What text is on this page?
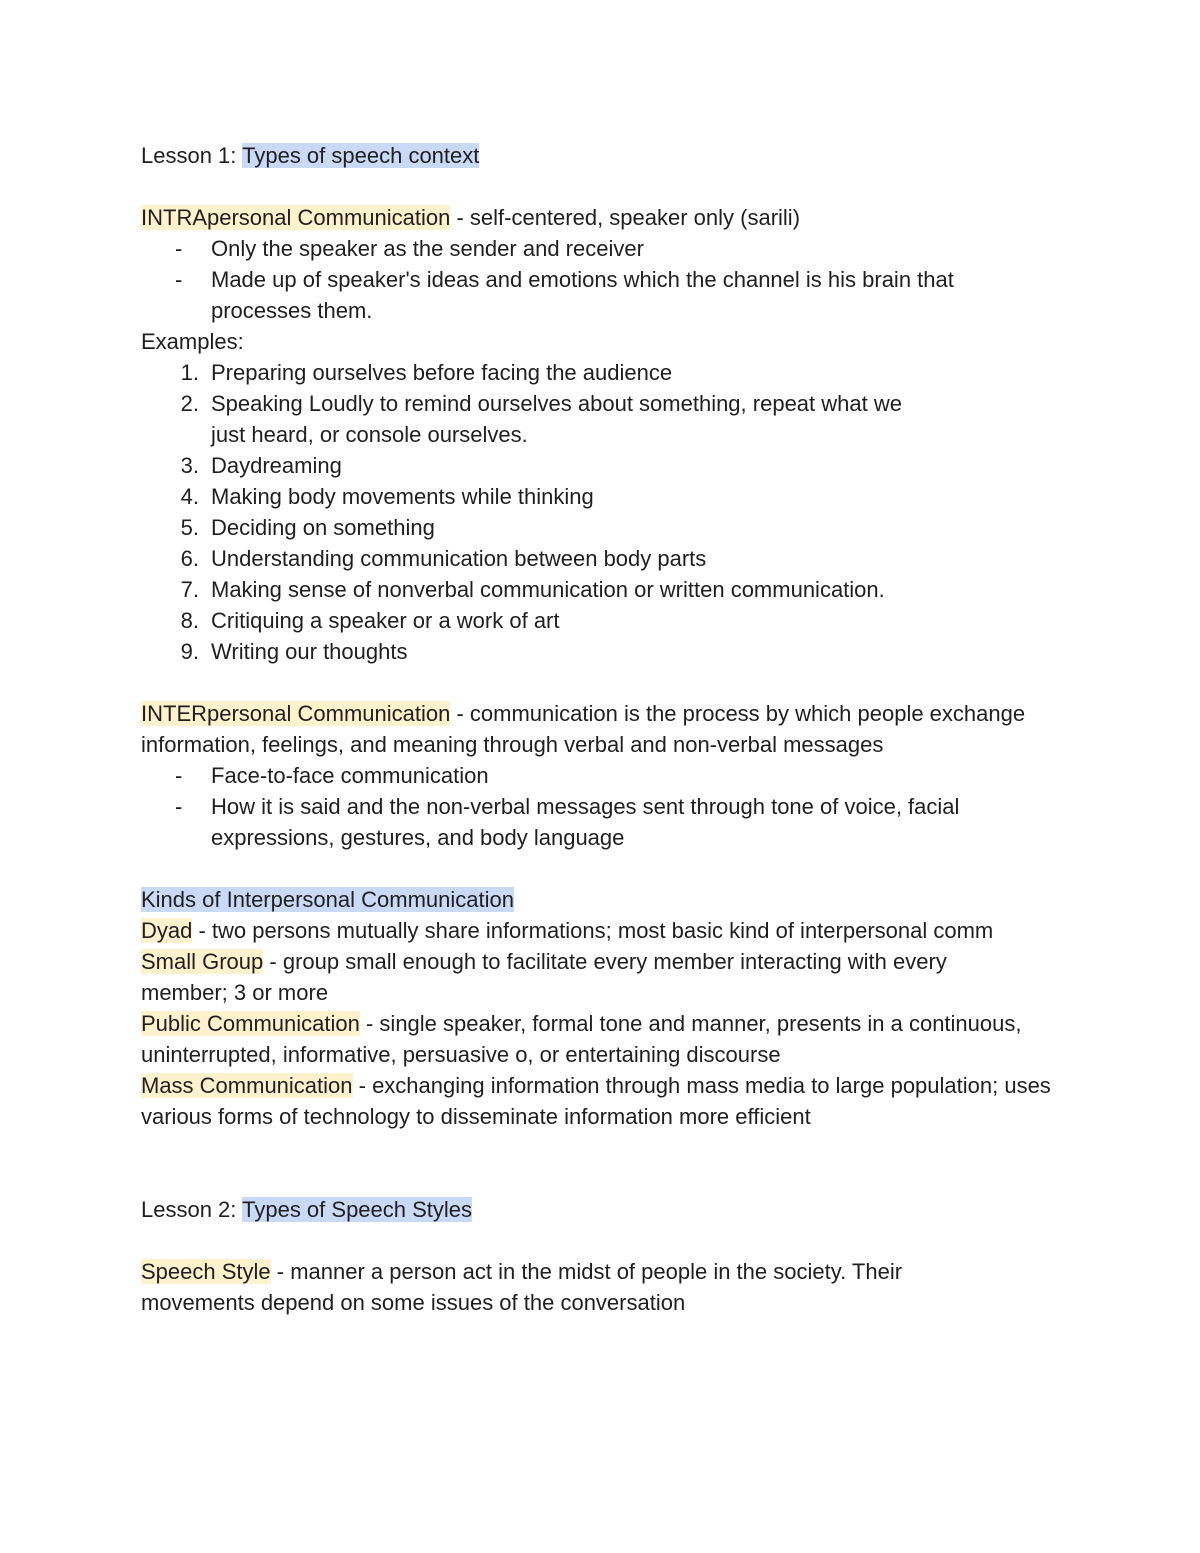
Lesson 1: Types of speech context
INTRApersonal Communication - self-centered, speaker only (sarili)
-	Only the speaker as the sender and receiver
-	Made up of speaker's ideas and emotions which the channel is his brain that processes them.
Examples:
1. Preparing ourselves before facing the audience
2. Speaking Loudly to remind ourselves about something, repeat what we just heard, or console ourselves.
3. Daydreaming
4. Making body movements while thinking
5. Deciding on something
6. Understanding communication between body parts
7. Making sense of nonverbal communication or written communication.
8. Critiquing a speaker or a work of art
9. Writing our thoughts
INTERpersonal Communication - communication is the process by which people exchange information, feelings, and meaning through verbal and non-verbal messages
-	Face-to-face communication
-	How it is said and the non-verbal messages sent through tone of voice, facial expressions, gestures, and body language
Kinds of Interpersonal Communication
Dyad - two persons mutually share informations; most basic kind of interpersonal comm
Small Group - group small enough to facilitate every member interacting with every member; 3 or more
Public Communication - single speaker, formal tone and manner, presents in a continuous, uninterrupted, informative, persuasive o, or entertaining discourse
Mass Communication - exchanging information through mass media to large population; uses various forms of technology to disseminate information more efficient
Lesson 2: Types of Speech Styles
Speech Style - manner a person act in the midst of people in the society. Their movements depend on some issues of the conversation
